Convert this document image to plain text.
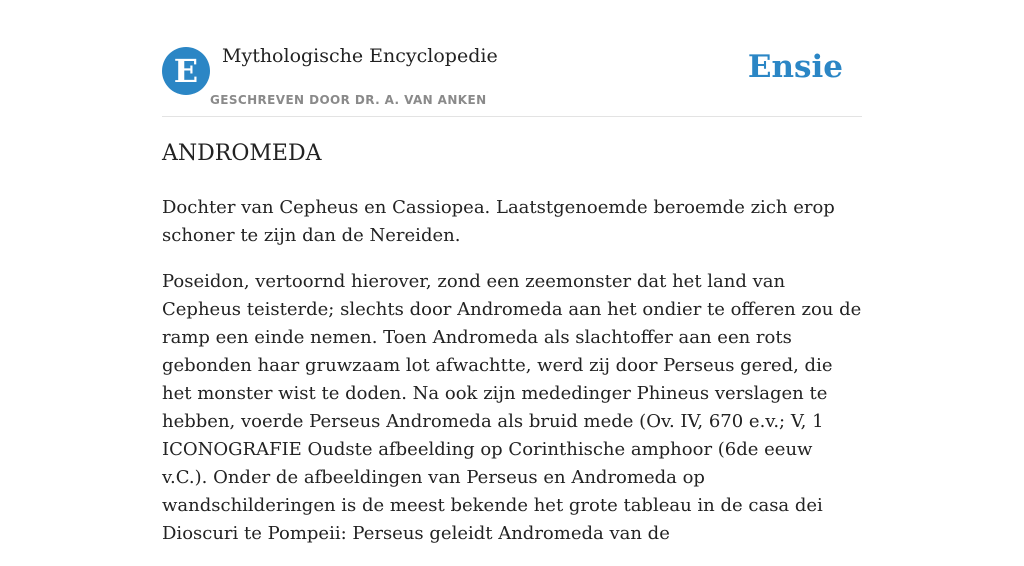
E Mythologische Encyclopedie
GESCHREVEN DOOR DR. A. VAN ANKEN
Ensie
ANDROMEDA

Dochter van Cepheus en Cassiopea. Laatstgenoemde beroemde zich erop schoner te zijn dan de Nereiden.

Poseidon, vertoornd hierover, zond een zeemonster dat het land van Cepheus teisterde; slechts door Andromeda aan het ondier te offeren zou de ramp een einde nemen. Toen Andromeda als slachtoffer aan een rots gebonden haar gruwzaam lot afwachtte, werd zij door Perseus gered, die het monster wist te doden. Na ook zijn mededinger Phineus verslagen te hebben, voerde Perseus Andromeda als bruid mede (Ov. IV, 670 e.v.; V, 1 ICONOGRAFIE Oudste afbeelding op Corinthische amphoor (6de eeuw v.C.). Onder de afbeeldingen van Perseus en Andromeda op wandschilderingen is de meest bekende het grote tableau in de casa dei Dioscuri te Pompeii: Perseus geleidt Andromeda van de
